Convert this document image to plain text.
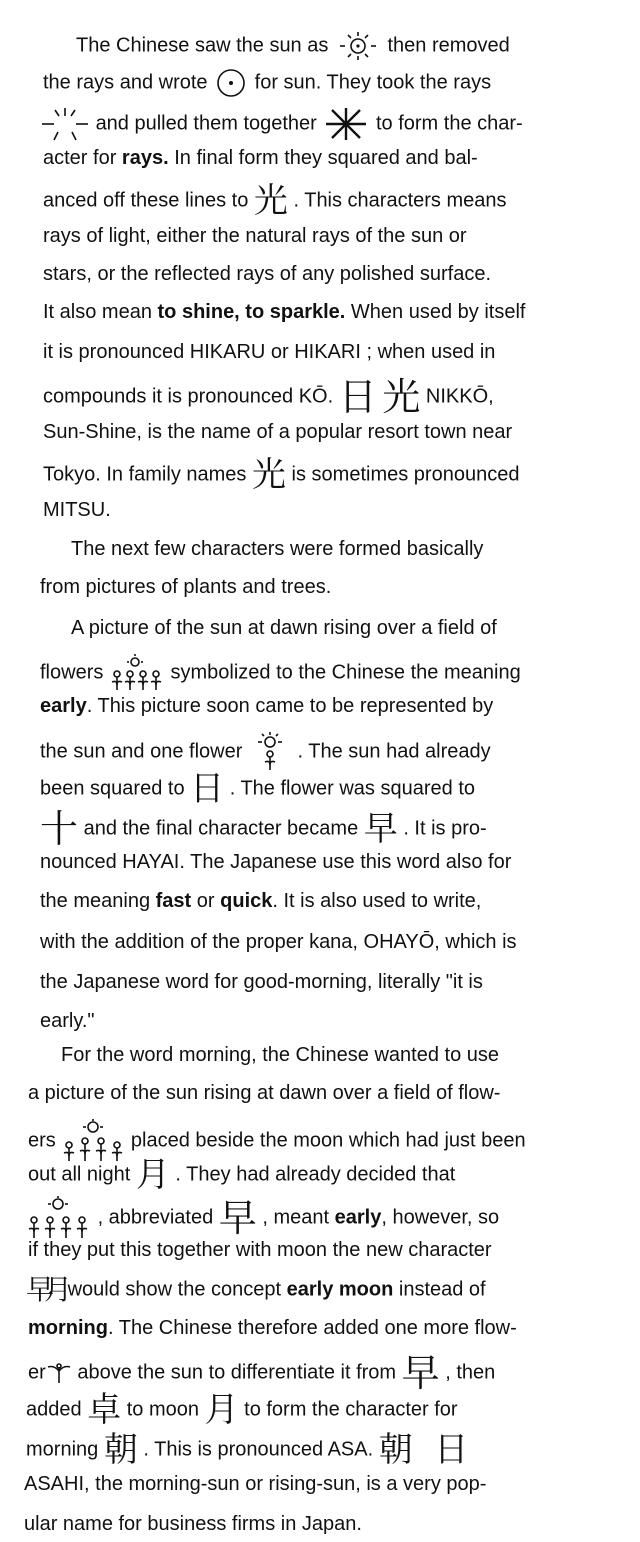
The Chinese saw the sun as	then removed
the rays and wrote for sun. They took the rays
and pulled them together	to form the char-
acter for rays. In final form they squared and bal-
anced off these lines to 光 . This characters means
rays of light, either the natural rays of the sun or
stars, or the reflected rays of any polished surface.
It also mean to shine, to sparkle. When used by itself
it is pronounced HIKARU or HIKARI ; when used in
compounds it is pronounced KŌ. 日 光 NIKKŌ,
Sun-Shine, is the name of a popular resort town near
Tokyo. In family names 光 is sometimes pronounced
MITSU.
The next few characters were formed basically
from pictures of plants and trees.
A picture of the sun at dawn rising over a field of
flowers	symbolized to the Chinese the meaning
early. This picture soon came to be represented by
the sun and one flower	. The sun had already
been squared to 日 . The flower was squared to
十 and the final character became 早 . It is pro-
nounced HAYAI. The Japanese use this word also for
the meaning fast or quick. It is also used to write,
with the addition of the proper kana, OHAYŌ, which is
the Japanese word for good-morning, literally "it is
early."
For the word morning, the Chinese wanted to use
a picture of the sun rising at dawn over a field of flow-
ers	placed beside the moon which had just been
out all night 月 . They had already decided that
, abbreviated 早 , meant early, however, so
if they put this together with moon the new character
早月 would show the concept early moon instead of
morning. The Chinese therefore added one more flow-
er above the sun to differentiate it from 早 , then
added 卓 to moon 月 to form the character for
morning 朝 . This is pronounced ASA. 朝 日
ASAHI, the morning-sun or rising-sun, is a very pop-
ular name for business firms in Japan.
